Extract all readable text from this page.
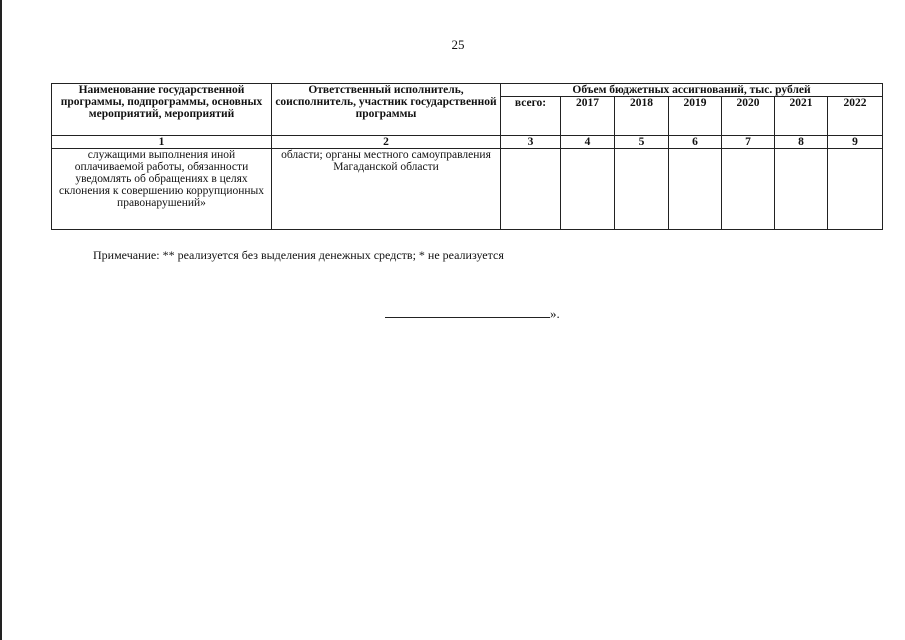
25
Наименование государственной программы, подпрограммы, основных мероприятий, мероприятий	Ответственный исполнитель, соисполнитель, участник государственной программы	Объем бюджетных ассигнований, тыс. рублей						
		всего:	2017	2018	2019	2020	2021	2022
1	2	3	4	5	6	7	8	9
служащими выполнения иной оплачиваемой работы, обязанности уведомлять об обращениях в целях склонения к совершению коррупционных правонарушений»	области; органы местного самоуправления Магаданской области							
Примечание: ** реализуется без выделения денежных средств; * не реализуется
».
